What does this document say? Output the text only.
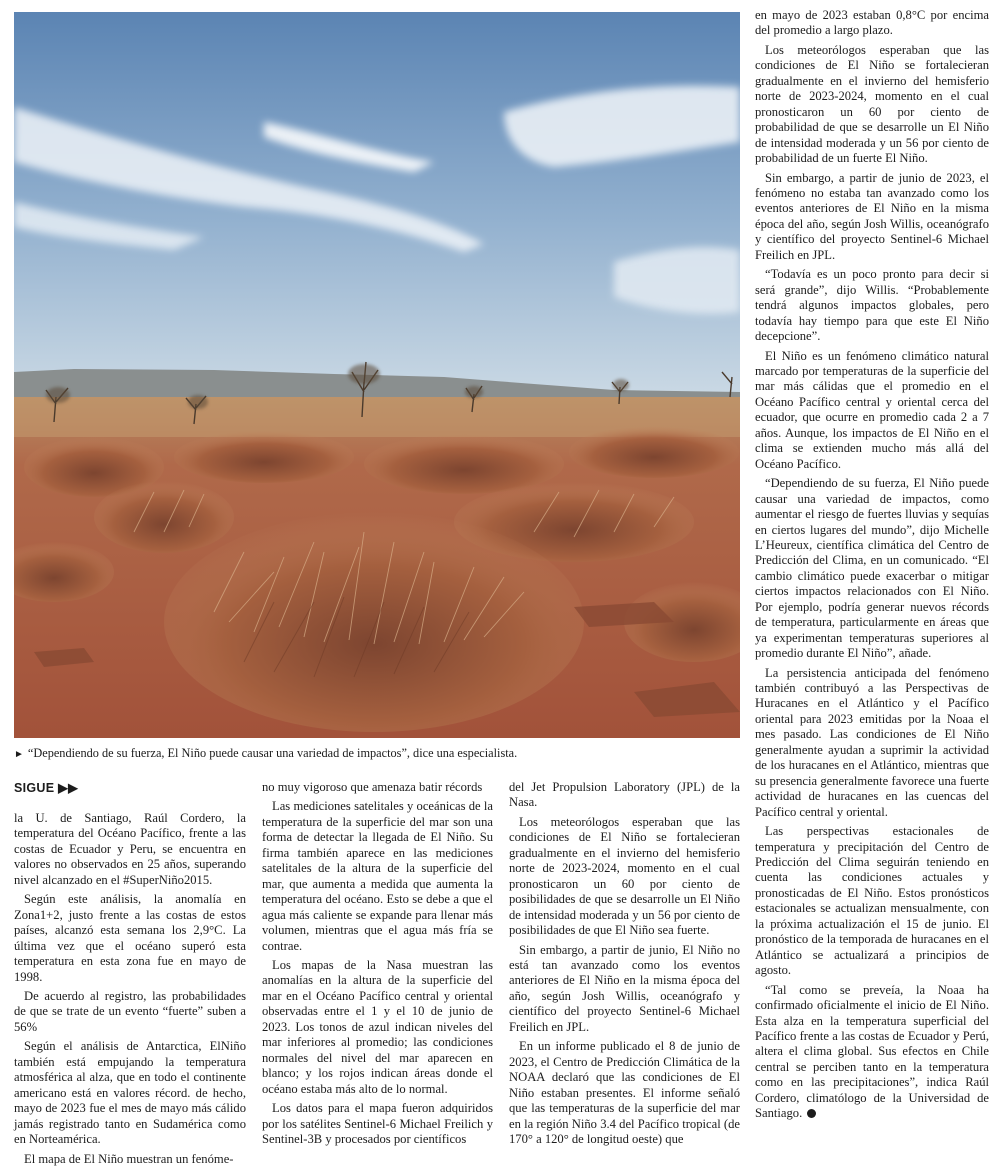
► “Dependiendo de su fuerza, El Niño puede causar una variedad de impactos”, dice una especialista.
SIGUE ▶▶

la U. de Santiago, Raúl Cordero, la temperatura del Océano Pacífico, frente a las costas de Ecuador y Peru, se encuentra en valores no observados en 25 años, superando nivel alcanzado en el #SuperNiño2015.

Según este análisis, la anomalía en Zona1+2, justo frente a las costas de estos países, alcanzó esta semana los 2,9°C. La última vez que el océano superó esta temperatura en esta zona fue en mayo de 1998.

De acuerdo al registro, las probabilidades de que se trate de un evento “fuerte” suben a 56%

Según el análisis de Antarctica, ElNiño también está empujando la temperatura atmosférica al alza, que en todo el continente americano está en valores récord. de hecho, mayo de 2023 fue el mes de mayo más cálido jamás registrado tanto en Sudamérica como en Norteamérica.

El mapa de El Niño muestran un fenóme-

no muy vigoroso que amenaza batir récords

Las mediciones satelitales y oceánicas de la temperatura de la superficie del mar son una forma de detectar la llegada de El Niño. Su firma también aparece en las mediciones satelitales de la altura de la superficie del mar, que aumenta a medida que aumenta la temperatura del océano. Esto se debe a que el agua más caliente se expande para llenar más volumen, mientras que el agua más fría se contrae.

Los mapas de la Nasa muestran las anomalías en la altura de la superficie del mar en el Océano Pacífico central y oriental observadas entre el 1 y el 10 de junio de 2023. Los tonos de azul indican niveles del mar inferiores al promedio; las condiciones normales del nivel del mar aparecen en blanco; y los rojos indican áreas donde el océano estaba más alto de lo normal.

Los datos para el mapa fueron adquiridos por los satélites Sentinel-6 Michael Freilich y Sentinel-3B y procesados por científicos

del Jet Propulsion Laboratory (JPL) de la Nasa.

Los meteorólogos esperaban que las condiciones de El Niño se fortalecieran gradualmente en el invierno del hemisferio norte de 2023-2024, momento en el cual pronosticaron un 60 por ciento de posibilidades de que se desarrolle un El Niño de intensidad moderada y un 56 por ciento de posibilidades de que El Niño sea fuerte.

Sin embargo, a partir de junio, El Niño no está tan avanzado como los eventos anteriores de El Niño en la misma época del año, según Josh Willis, oceanógrafo y científico del proyecto Sentinel-6 Michael Freilich en JPL.

En un informe publicado el 8 de junio de 2023, el Centro de Predicción Climática de la NOAA declaró que las condiciones de El Niño estaban presentes. El informe señaló que las temperaturas de la superficie del mar en la región Niño 3.4 del Pacífico tropical (de 170° a 120° de longitud oeste) que

en mayo de 2023 estaban 0,8°C por encima del promedio a largo plazo.

Los meteorólogos esperaban que las condiciones de El Niño se fortalecieran gradualmente en el invierno del hemisferio norte de 2023-2024, momento en el cual pronosticaron un 60 por ciento de probabilidad de que se desarrolle un El Niño de intensidad moderada y un 56 por ciento de probabilidad de un fuerte El Niño.

Sin embargo, a partir de junio de 2023, el fenómeno no estaba tan avanzado como los eventos anteriores de El Niño en la misma época del año, según Josh Willis, oceanógrafo y científico del proyecto Sentinel-6 Michael Freilich en JPL.

“Todavía es un poco pronto para decir si será grande”, dijo Willis. “Probablemente tendrá algunos impactos globales, pero todavía hay tiempo para que este El Niño decepcione”.

El Niño es un fenómeno climático natural marcado por temperaturas de la superficie del mar más cálidas que el promedio en el Océano Pacífico central y oriental cerca del ecuador, que ocurre en promedio cada 2 a 7 años. Aunque, los impactos de El Niño en el clima se extienden mucho más allá del Océano Pacífico.

“Dependiendo de su fuerza, El Niño puede causar una variedad de impactos, como aumentar el riesgo de fuertes lluvias y sequías en ciertos lugares del mundo”, dijo Michelle L’Heureux, científica climática del Centro de Predicción del Clima, en un comunicado. “El cambio climático puede exacerbar o mitigar ciertos impactos relacionados con El Niño. Por ejemplo, podría generar nuevos récords de temperatura, particularmente en áreas que ya experimentan temperaturas superiores al promedio durante El Niño”, añade.

La persistencia anticipada del fenómeno también contribuyó a las Perspectivas de Huracanes en el Atlántico y el Pacífico oriental para 2023 emitidas por la Noaa el mes pasado. Las condiciones de El Niño generalmente ayudan a suprimir la actividad de los huracanes en el Atlántico, mientras que su presencia generalmente favorece una fuerte actividad de huracanes en las cuencas del Pacífico central y oriental.

Las perspectivas estacionales de temperatura y precipitación del Centro de Predicción del Clima seguirán teniendo en cuenta las condiciones actuales y pronosticadas de El Niño. Estos pronósticos estacionales se actualizan mensualmente, con la próxima actualización el 15 de junio. El pronóstico de la temporada de huracanes en el Atlántico se actualizará a principios de agosto.

“Tal como se preveía, la Noaa ha confirmado oficialmente el inicio de El Niño. Esta alza en la temperatura superficial del Pacífico frente a las costas de Ecuador y Perú, altera el clima global. Sus efectos en Chile central se perciben tanto en la temperatura como en las precipitaciones”, indica Raúl Cordero, climatólogo de la Universidad de Santiago.
